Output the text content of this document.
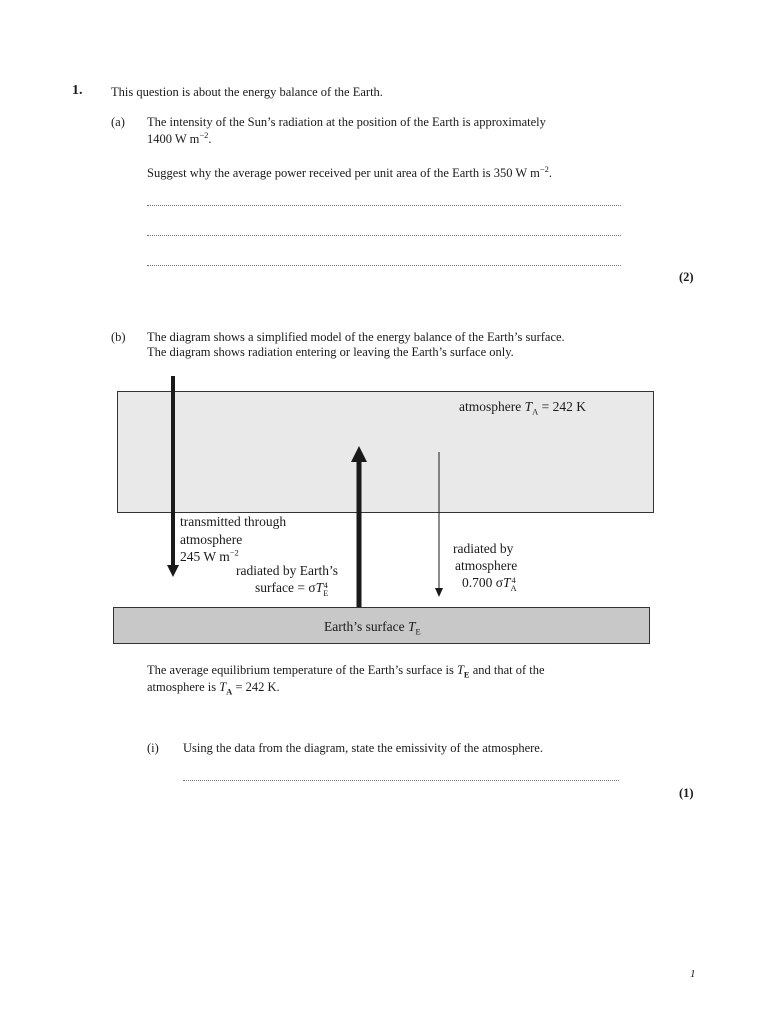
1. This question is about the energy balance of the Earth.
(a) The intensity of the Sun’s radiation at the position of the Earth is approximately
1400 W $m^{-2}$.
Suggest why the average power received per unit area of the Earth is 350 W $m^{-2}$.
(2)
(b) The diagram shows a simplified model of the energy balance of the Earth’s surface.
The diagram shows radiation entering or leaving the Earth’s surface only.
atmosphere $T_A = 242$ K
Earth’s surface $T_E$
transmitted through
atmosphere
245 W $m^{-2}$
radiated by Earth’s
surface = σT 4
E
radiated by
atmosphere
0.700 σT 4
A
The average equilibrium temperature of the Earth’s surface is $T_E$ and that of the
atmosphere is $T_A = 242$ K.
(i) Using the data from the diagram, state the emissivity of the atmosphere.
(1)
1
